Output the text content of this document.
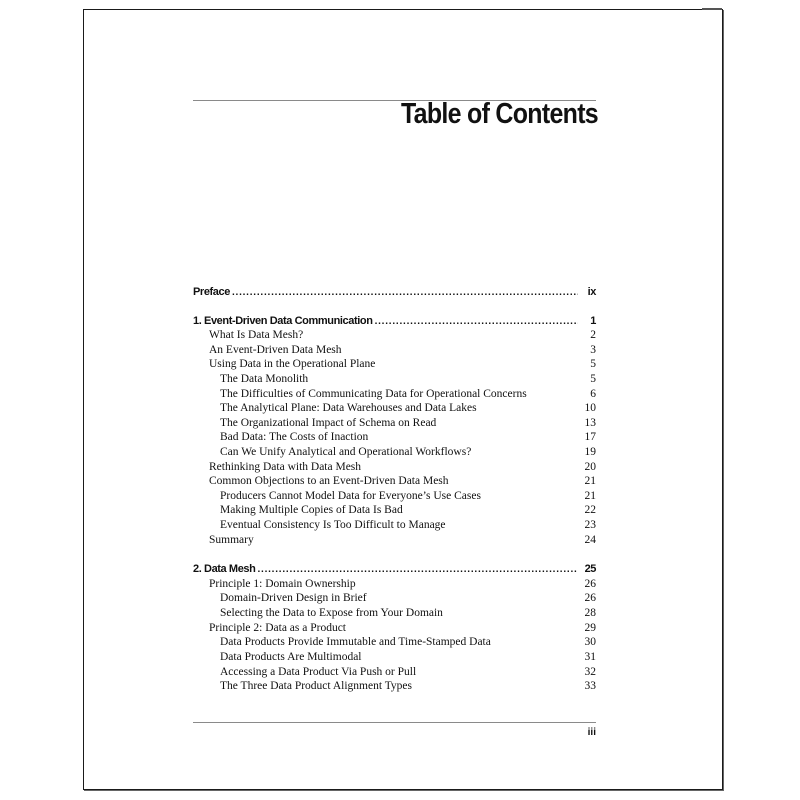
Table of Contents
Preface . . .	ix
1. Event-Driven Data Communication . . .	1
What Is Data Mesh?	2
An Event-Driven Data Mesh	3
Using Data in the Operational Plane	5
The Data Monolith	5
The Difficulties of Communicating Data for Operational Concerns	6
The Analytical Plane: Data Warehouses and Data Lakes	10
The Organizational Impact of Schema on Read	13
Bad Data: The Costs of Inaction	17
Can We Unify Analytical and Operational Workflows?	19
Rethinking Data with Data Mesh	20
Common Objections to an Event-Driven Data Mesh	21
Producers Cannot Model Data for Everyone’s Use Cases	21
Making Multiple Copies of Data Is Bad	22
Eventual Consistency Is Too Difficult to Manage	23
Summary	24
2. Data Mesh . . .	25
Principle 1: Domain Ownership	26
Domain-Driven Design in Brief	26
Selecting the Data to Expose from Your Domain	28
Principle 2: Data as a Product	29
Data Products Provide Immutable and Time-Stamped Data	30
Data Products Are Multimodal	31
Accessing a Data Product Via Push or Pull	32
The Three Data Product Alignment Types	33
iii
